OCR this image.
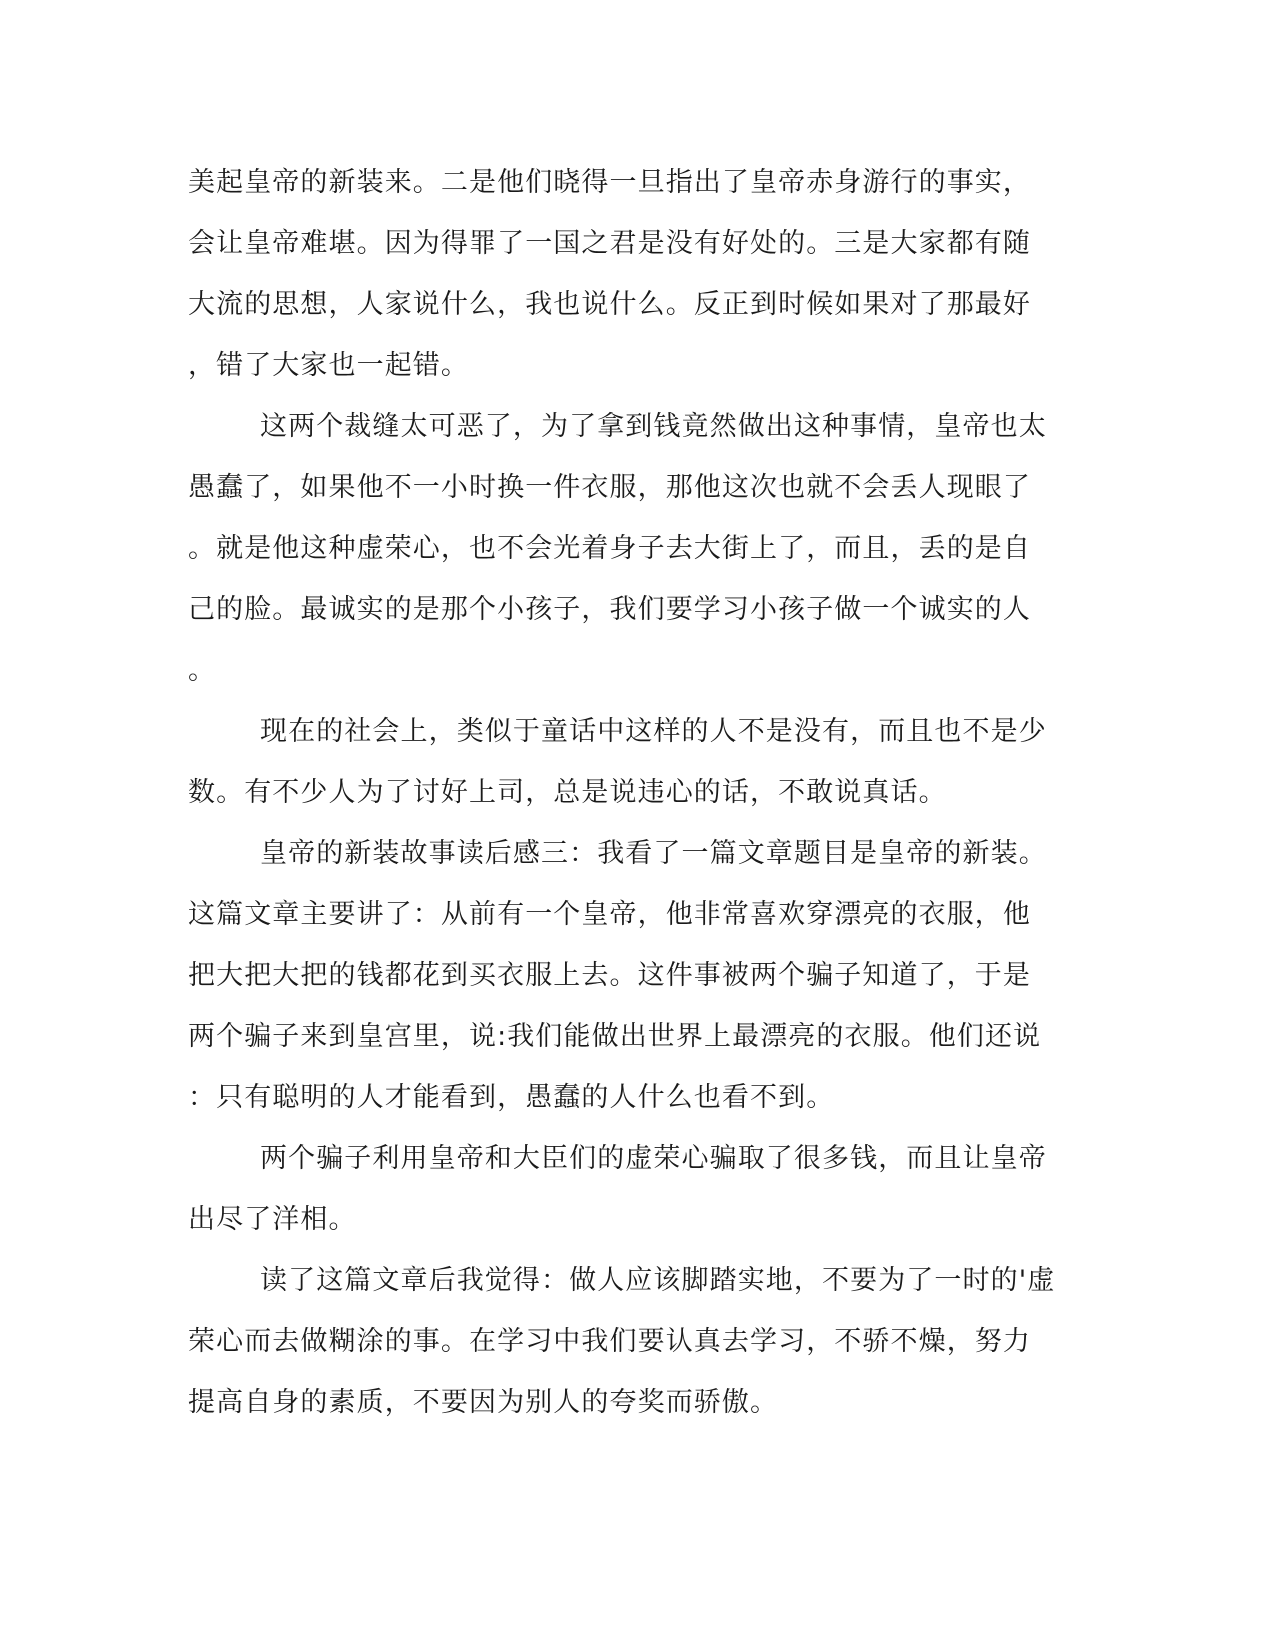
美起皇帝的新装来。二是他们晓得一旦指出了皇帝赤身游行的事实，
会让皇帝难堪。因为得罪了一国之君是没有好处的。三是大家都有随
大流的思想，人家说什么，我也说什么。反正到时候如果对了那最好
，错了大家也一起错。
这两个裁缝太可恶了，为了拿到钱竟然做出这种事情，皇帝也太
愚蠢了，如果他不一小时换一件衣服，那他这次也就不会丢人现眼了
。就是他这种虚荣心，也不会光着身子去大街上了，而且，丢的是自
己的脸。最诚实的是那个小孩子，我们要学习小孩子做一个诚实的人
。
现在的社会上，类似于童话中这样的人不是没有，而且也不是少
数。有不少人为了讨好上司，总是说违心的话，不敢说真话。
皇帝的新装故事读后感三：我看了一篇文章题目是皇帝的新装。
这篇文章主要讲了：从前有一个皇帝，他非常喜欢穿漂亮的衣服，他
把大把大把的钱都花到买衣服上去。这件事被两个骗子知道了，于是
两个骗子来到皇宫里，说:我们能做出世界上最漂亮的衣服。他们还说
：只有聪明的人才能看到，愚蠢的人什么也看不到。
两个骗子利用皇帝和大臣们的虚荣心骗取了很多钱，而且让皇帝
出尽了洋相。
读了这篇文章后我觉得：做人应该脚踏实地，不要为了一时的'虚
荣心而去做糊涂的事。在学习中我们要认真去学习，不骄不燥，努力
提高自身的素质，不要因为别人的夸奖而骄傲。
